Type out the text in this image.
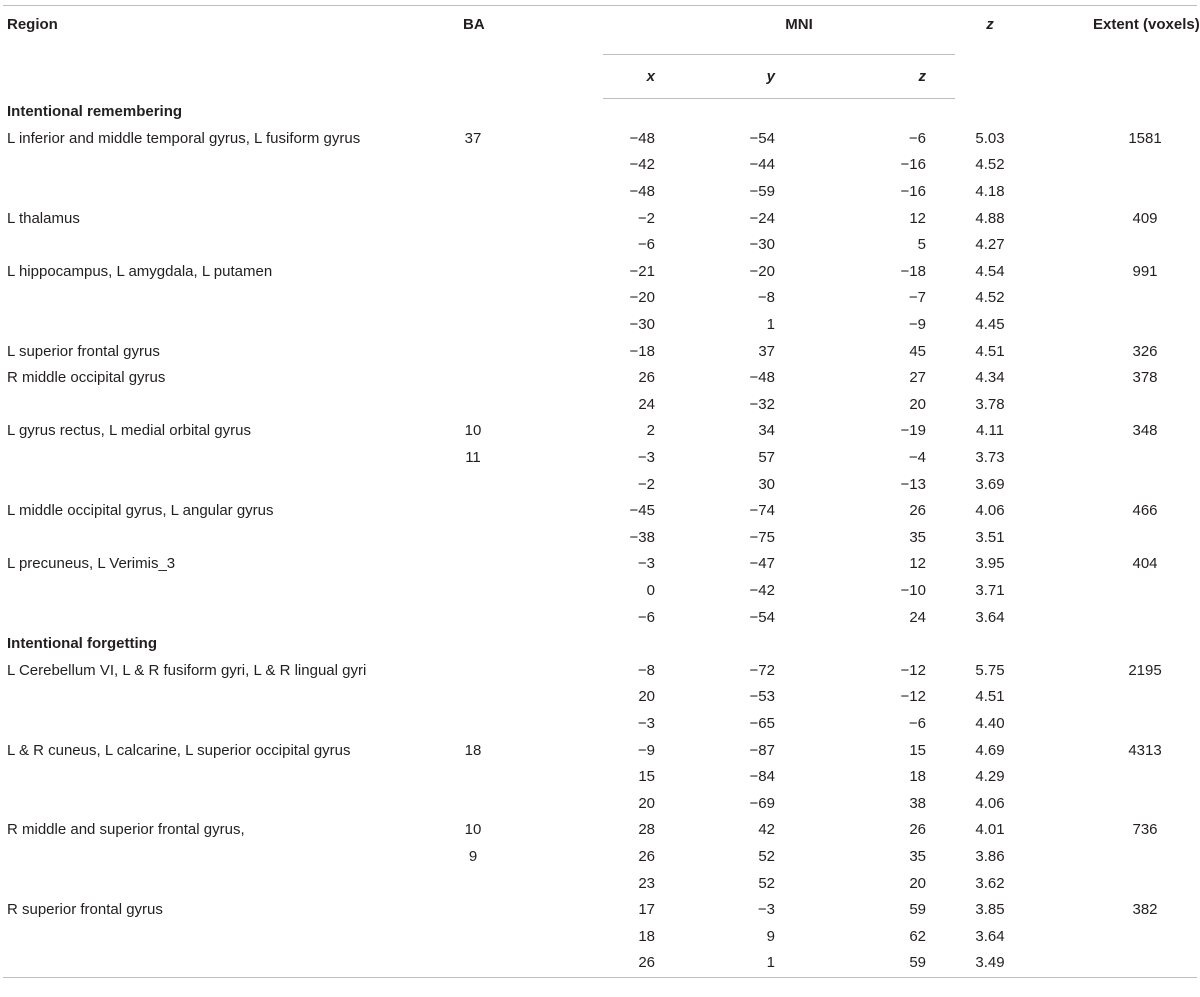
Region	BA	MNI			z	Extent (voxels)
		x	y	z		
Intentional remembering						
L inferior and middle temporal gyrus, L fusiform gyrus	37	−48	−54	−6	5.03	1581
		−42	−44	−16	4.52	
		−48	−59	−16	4.18	
L thalamus		−2	−24	12	4.88	409
		−6	−30	5	4.27	
L hippocampus, L amygdala, L putamen		−21	−20	−18	4.54	991
		−20	−8	−7	4.52	
		−30	1	−9	4.45	
L superior frontal gyrus		−18	37	45	4.51	326
R middle occipital gyrus		26	−48	27	4.34	378
		24	−32	20	3.78	
L gyrus rectus, L medial orbital gyrus	10	2	34	−19	4.11	348
	11	−3	57	−4	3.73	
		−2	30	−13	3.69	
L middle occipital gyrus, L angular gyrus		−45	−74	26	4.06	466
		−38	−75	35	3.51	
L precuneus, L Verimis_3		−3	−47	12	3.95	404
		0	−42	−10	3.71	
		−6	−54	24	3.64	
Intentional forgetting						
L Cerebellum VI, L & R fusiform gyri, L & R lingual gyri		−8	−72	−12	5.75	2195
		20	−53	−12	4.51	
		−3	−65	−6	4.40	
L & R cuneus, L calcarine, L superior occipital gyrus	18	−9	−87	15	4.69	4313
		15	−84	18	4.29	
		20	−69	38	4.06	
R middle and superior frontal gyrus,	10	28	42	26	4.01	736
	9	26	52	35	3.86	
		23	52	20	3.62	
R superior frontal gyrus		17	−3	59	3.85	382
		18	9	62	3.64	
		26	1	59	3.49	
